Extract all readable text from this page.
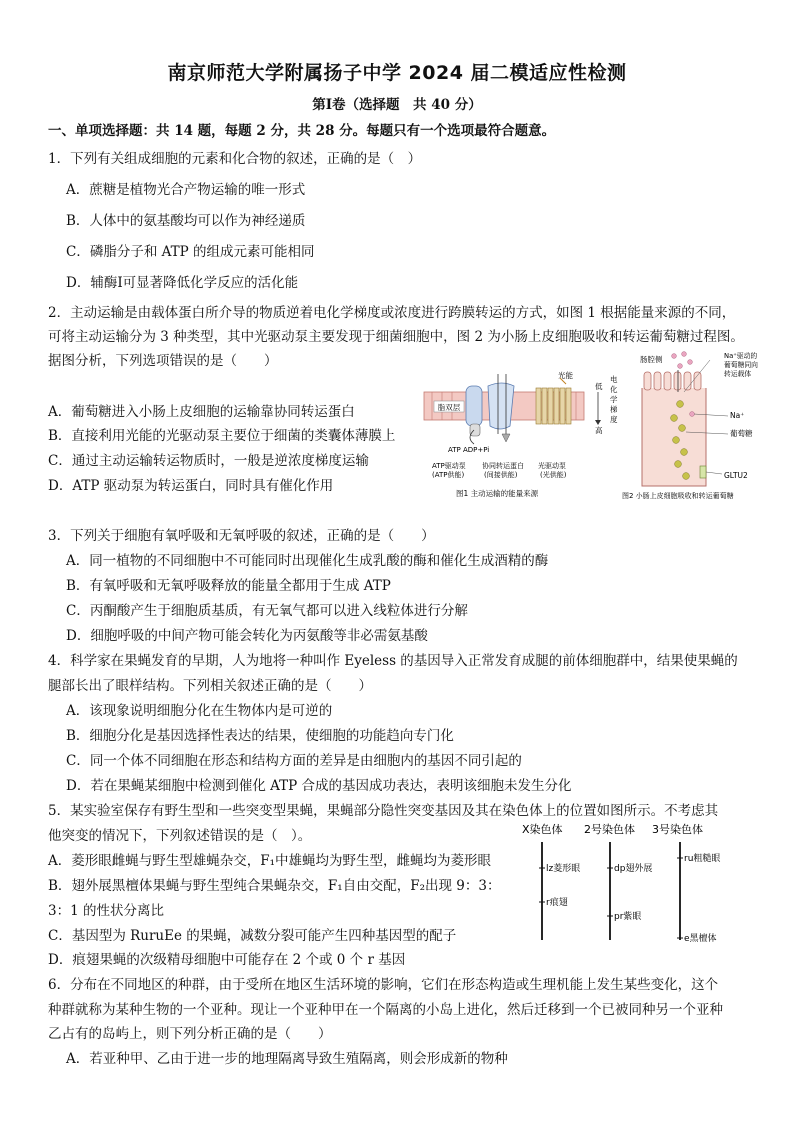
南京师范大学附属扬子中学 2024 届二模适应性检测
第Ⅰ卷（选择题　共 40 分）
一、单项选择题：共 14 题，每题 2 分，共 28 分。每题只有一个选项最符合题意。
1．下列有关组成细胞的元素和化合物的叙述，正确的是（　）
A．蔗糖是植物光合产物运输的唯一形式
B．人体中的氨基酸均可以作为神经递质
C．磷脂分子和 ATP 的组成元素可能相同
D．辅酶Ⅰ可显著降低化学反应的活化能
2．主动运输是由载体蛋白所介导的物质逆着电化学梯度或浓度进行跨膜转运的方式，如图 1 根据能量来源的不同，
可将主动运输分为 3 种类型，其中光驱动泵主要发现于细菌细胞中，图 2 为小肠上皮细胞吸收和转运葡萄糖过程图。
据图分析，下列选项错误的是（　　）
A．葡萄糖进入小肠上皮细胞的运输靠协同转运蛋白
B．直接利用光能的光驱动泵主要位于细菌的类囊体薄膜上
C．通过主动运输转运物质时，一般是逆浓度梯度运输
D．ATP 驱动泵为转运蛋白，同时具有催化作用
脂双层
ATP ADP+Pi
光能
低
高
电
化
学
梯
度
ATP驱动泵
(ATP供能)
协同转运蛋白
(间接供能)
光驱动泵
(光供能)
图1 主动运输的能量来源
肠腔侧	Na⁺驱动的
葡萄糖同向
转运载体
Na⁺
葡萄糖
GLTU2
图2 小肠上皮细胞吸收和转运葡萄糖
3．下列关于细胞有氧呼吸和无氧呼吸的叙述，正确的是（　　）
A．同一植物的不同细胞中不可能同时出现催化生成乳酸的酶和催化生成酒精的酶
B．有氧呼吸和无氧呼吸释放的能量全都用于生成 ATP
C．丙酮酸产生于细胞质基质，有无氧气都可以进入线粒体进行分解
D．细胞呼吸的中间产物可能会转化为丙氨酸等非必需氨基酸
4．科学家在果蝇发育的早期，人为地将一种叫作 Eyeless 的基因导入正常发育成腿的前体细胞群中，结果使果蝇的
腿部长出了眼样结构。下列相关叙述正确的是（　　）
A．该现象说明细胞分化在生物体内是可逆的
B．细胞分化是基因选择性表达的结果，使细胞的功能趋向专门化
C．同一个体不同细胞在形态和结构方面的差异是由细胞内的基因不同引起的
D．若在果蝇某细胞中检测到催化 ATP 合成的基因成功表达，表明该细胞未发生分化
5．某实验室保存有野生型和一些突变型果蝇，果蝇部分隐性突变基因及其在染色体上的位置如图所示。不考虑其
他突变的情况下，下列叙述错误的是（　）。
A．菱形眼雌蝇与野生型雄蝇杂交，F₁中雄蝇均为野生型，雌蝇均为菱形眼
B．翅外展黑檀体果蝇与野生型纯合果蝇杂交，F₁自由交配，F₂出现 9：3：
3：1 的性状分离比
C．基因型为 RuruEe 的果蝇，减数分裂可能产生四种基因型的配子
D．痕翅果蝇的次级精母细胞中可能存在 2 个或 0 个 r 基因
X染色体 2号染色体 3号染色体
lz菱形眼
r痕翅
dp翅外展
pr紫眼
ru粗糙眼
e黑檀体
6．分布在不同地区的种群，由于受所在地区生活环境的影响，它们在形态构造或生理机能上发生某些变化，这个
种群就称为某种生物的一个亚种。现让一个亚种甲在一个隔离的小岛上进化，然后迁移到一个已被同种另一个亚种
乙占有的岛屿上，则下列分析正确的是（　　）
A．若亚种甲、乙由于进一步的地理隔离导致生殖隔离，则会形成新的物种
